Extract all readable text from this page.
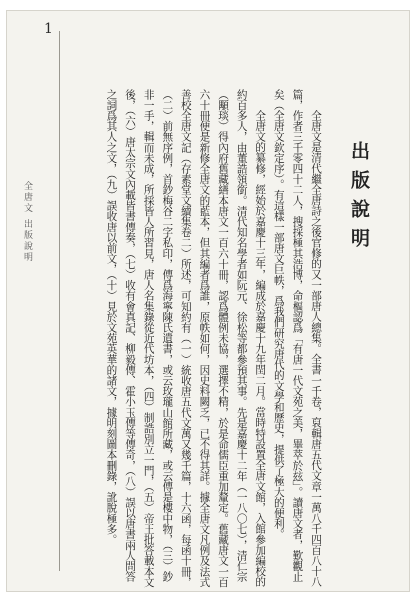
1
全唐文 出版說明	出版說明

全唐文是清代繼全唐詩之後官修的又一部唐人總集。全書一千卷，裒輯唐五代文章一萬八千四百八十八篇，作者三千零四十二人，搜採極其浩博，命樞認爲「有唐一代文苑之美，畢萃於玆」。讀唐文者，歎觀止矣（全唐文欽定序）。有這樣一部唐文巨帙，爲我們研究唐代的文學和歷史，提供了極大的便利。

全唐文的纂修，經始於嘉慶十三年，編成於嘉慶十九年閏二月。當時特設置全唐文館，入館參加編校的約百多人，由董誥領銜。清代知名學者如阮元、徐松等都參預其事。先是嘉慶十二年（一八〇七），清仁宗（顒琰）得內府舊藏繕本唐文一百六十冊，認爲體例未協，選擇不精，於是命儒臣重加釐定。舊藏唐文一百六十冊便是新修全唐文的藍本，但其編者爲誰，原帙如何，因史料闕乏，已不得其詳。據全唐文凡例及法式善校全唐文記（存素堂文續集卷二）所述，可知約有（一）統收唐五代文萬又幾千篇，十六函，每函十冊，（二）前無序例，首鈔梅谷二字私印，傳爲海寧陳氏遺書，或云玫瓏山館所藏，或云傳是樓中物，（三）鈔非一手，輯而未成，所採皆人所習見，唐人名集錄從近代坊本，（四）制誥別立一門，（五）帝王批答載本文後，（六）唐太宗文內載皆書傳奏，（七）收有會真記、柳毅傳、霍小玉傳等傳奇，（八）誤以唐書兩人問答之詞爲其人之文，（九）誤收唐以前文，（十）見於文苑英華的諸文，據明刻圖本刪錄，訛脫極多。
